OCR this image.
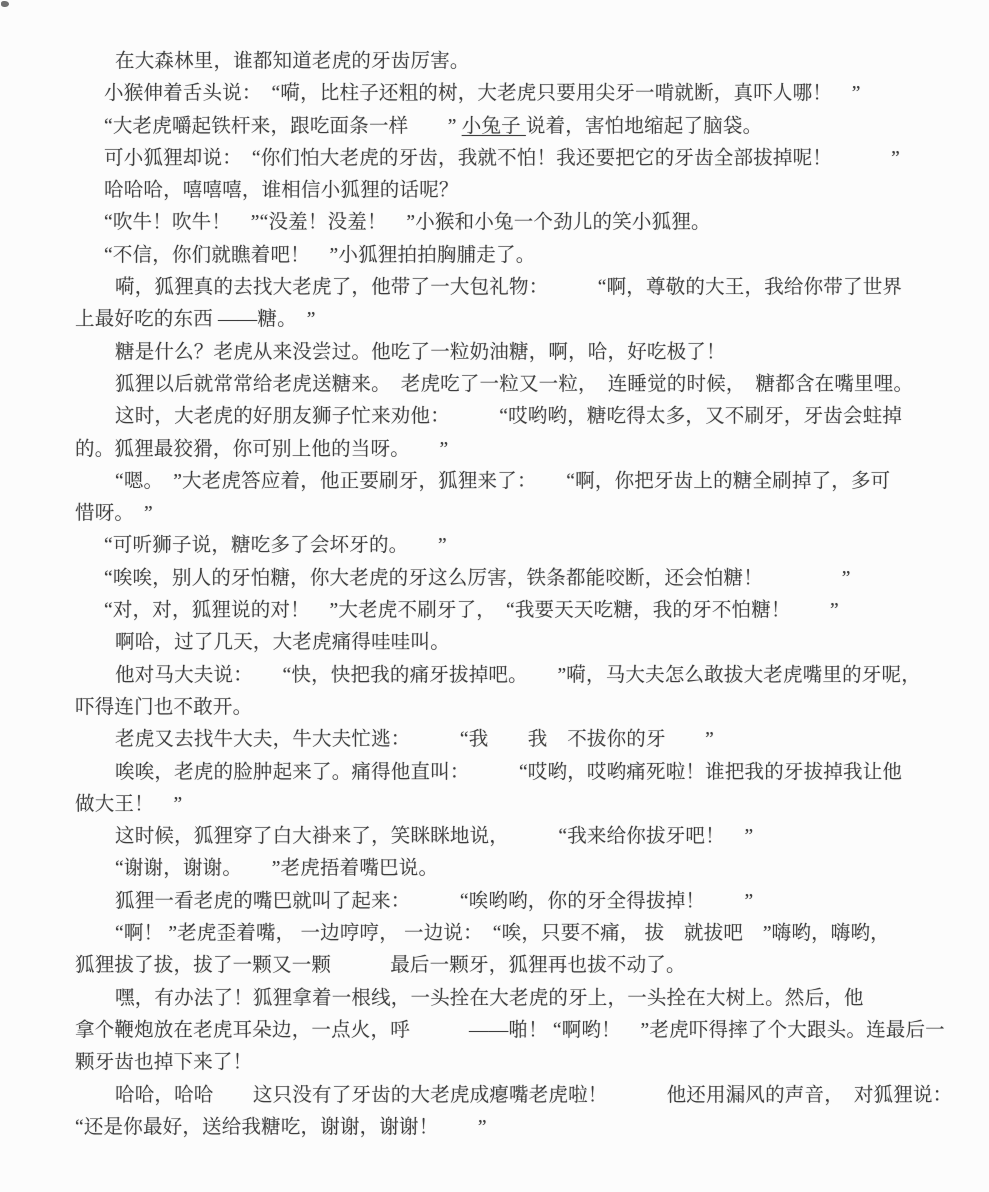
在大森林里，谁都知道老虎的牙齿厉害。
小猴伸着舌头说：　“嗬，比柱子还粗的树，大老虎只要用尖牙一啃就断，真吓人哪！　”
“大老虎嚼起铁杆来，跟吃面条一样　　” 小兔子 说着，害怕地缩起了脑袋。
可小狐狸却说：　“你们怕大老虎的牙齿，我就不怕！我还要把它的牙齿全部拔掉呢！　　　”
哈哈哈，嘻嘻嘻，谁相信小狐狸的话呢？
“吹牛！吹牛！　”“没羞！没羞！　”小猴和小兔一个劲儿的笑小狐狸。
“不信，你们就瞧着吧！　”小狐狸拍拍胸脯走了。
嗬，狐狸真的去找大老虎了，他带了一大包礼物：　　　“啊，尊敬的大王，我给你带了世界
上最好吃的东西 ——糖。　”
糖是什么？老虎从来没尝过。他吃了一粒奶油糖，啊，哈，好吃极了！
狐狸以后就常常给老虎送糖来。　老虎吃了一粒又一粒，　连睡觉的时候，　糖都含在嘴里哩。
这时，大老虎的好朋友狮子忙来劝他：　　　“哎哟哟，糖吃得太多，又不刷牙，牙齿会蛀掉
的。狐狸最狡猾，你可别上他的当呀。　　”
“嗯。　”大老虎答应着，他正要刷牙，狐狸来了：　　“啊，你把牙齿上的糖全刷掉了，多可
惜呀。　”
“可听狮子说，糖吃多了会坏牙的。　　”
“唉唉，别人的牙怕糖，你大老虎的牙这么厉害，铁条都能咬断，还会怕糖！　　　　”
“对，对，狐狸说的对！　”大老虎不刷牙了，　“我要天天吃糖，我的牙不怕糖！　　”
啊哈，过了几天，大老虎痛得哇哇叫。
他对马大夫说：　　“快，快把我的痛牙拔掉吧。　　”嗬，马大夫怎么敢拔大老虎嘴里的牙呢，
吓得连门也不敢开。
老虎又去找牛大夫，牛大夫忙逃：　　　“我　　我　不拔你的牙　　”
唉唉，老虎的脸肿起来了。痛得他直叫：　　　“哎哟，哎哟痛死啦！谁把我的牙拔掉我让他
做大王！　”
这时候，狐狸穿了白大褂来了，笑眯眯地说，　　　“我来给你拔牙吧！　”
“谢谢，谢谢。　　”老虎捂着嘴巴说。
狐狸一看老虎的嘴巴就叫了起来：　　　“唉哟哟，你的牙全得拔掉！　　”
“啊！ ”老虎歪着嘴， 一边哼哼， 一边说：　“唉，只要不痛， 拔　就拔吧　”嗨哟，嗨哟，
狐狸拔了拔，拔了一颗又一颗　　　最后一颗牙，狐狸再也拔不动了。
嘿，有办法了！狐狸拿着一根线，一头拴在大老虎的牙上，一头拴在大树上。然后，他
拿个鞭炮放在老虎耳朵边，一点火，呼　　　——啪！ “啊哟！　”老虎吓得摔了个大跟头。连最后一
颗牙齿也掉下来了！
哈哈，哈哈　　这只没有了牙齿的大老虎成瘪嘴老虎啦！　　　他还用漏风的声音，　对狐狸说：
“还是你最好，送给我糖吃，谢谢，谢谢！　　”
